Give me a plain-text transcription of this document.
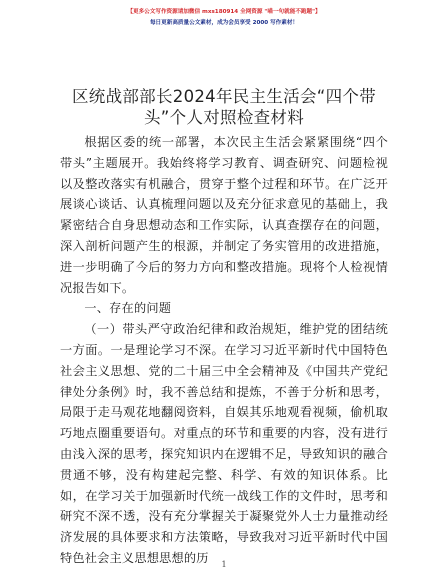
【更多公文写作资源请加微信 mxs180914 全网资源 "喵一句就能不跑题"】
每日更新高质量公文素材，成为会员享受 2000 写作素材！
区统战部部长2024年民主生活会“四个带
头”个人对照检查材料

根据区委的统一部署，本次民主生活会紧紧围绕“四个带头”主题展开。我始终将学习教育、调查研究、问题检视以及整改落实有机融合，贯穿于整个过程和环节。在广泛开展谈心谈话、认真梳理问题以及充分征求意见的基础上，我紧密结合自身思想动态和工作实际，认真查摆存在的问题，深入剖析问题产生的根源，并制定了务实管用的改进措施，进一步明确了今后的努力方向和整改措施。现将个人检视情况报告如下。

一、存在的问题

（一）带头严守政治纪律和政治规矩，维护党的团结统一方面。一是理论学习不深。在学习习近平新时代中国特色社会主义思想、党的二十届三中全会精神及《中国共产党纪律处分条例》时，我不善总结和提炼，不善于分析和思考，局限于走马观花地翻阅资料，自娱其乐地观看视频，偷机取巧地点圈重要语句。对重点的环节和重要的内容，没有进行由浅入深的思考，探究知识内在逻辑不足，导致知识的融合贯通不够，没有构建起完整、科学、有效的知识体系。比如，在学习关于加强新时代统一战线工作的文件时，思考和研究不深不透，没有充分掌握关于凝聚党外人士力量推动经济发展的具体要求和方法策略，导致我对习近平新时代中国特色社会主义思想思想的历	1
